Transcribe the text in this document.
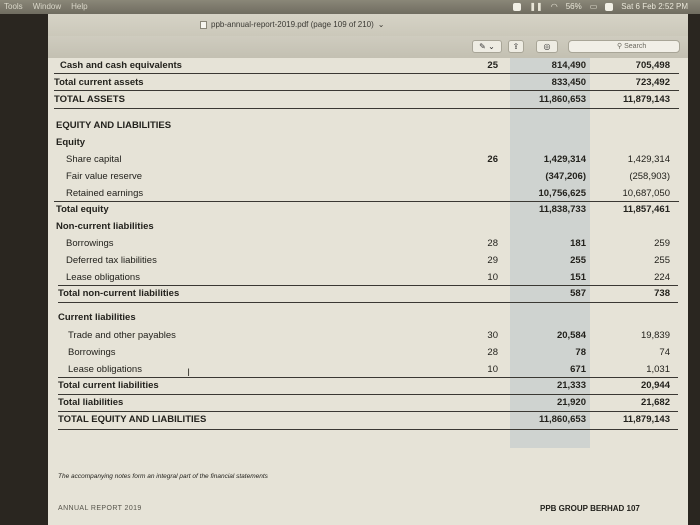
Tools Window Help	❚❚ ◠ 56% ▭	Sat 6 Feb 2:52 PM
ppb-annual-report-2019.pdf (page 109 of 210) ⌄
✎ ⌄	⇪	◎	⚲ Search
Cash and cash equivalents	25	814,490	705,498
Total current assets	833,450	723,492
TOTAL ASSETS	11,860,653	11,879,143
EQUITY AND LIABILITIES
Equity
Share capital	26	1,429,314	1,429,314
Fair value reserve	(347,206)	(258,903)
Retained earnings	10,756,625	10,687,050
Total equity	11,838,733	11,857,461
Non-current liabilities
Borrowings	28	181	259
Deferred tax liabilities	29	255	255
Lease obligations	10	151	224
Total non-current liabilities	587	738
Current liabilities
Trade and other payables	30	20,584	19,839
Borrowings	28	78	74
Lease obligations	10	671	1,031
Total current liabilities	21,333	20,944
Total liabilities	21,920	21,682
TOTAL EQUITY AND LIABILITIES	11,860,653	11,879,143
I
The accompanying notes form an integral part of the financial statements
ANNUAL REPORT 2019	PPB GROUP BERHAD 107
